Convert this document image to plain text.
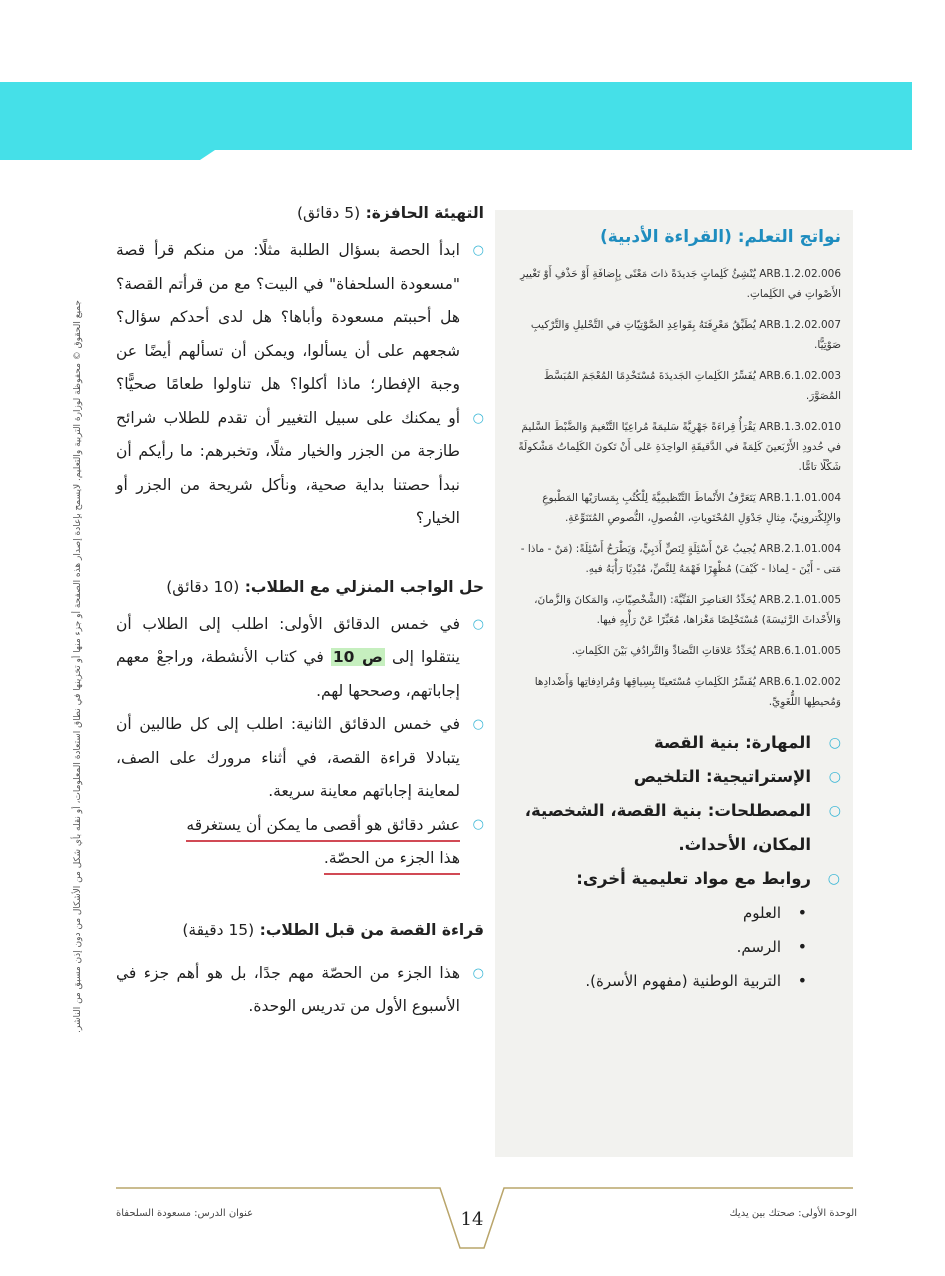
جميع الحقوق © محفوظة لوزارة التربية والتعليم. لايسمح بإعادة إصدار هذه الصفحة أو جزء منها أو تخزينها في نطاق استعادة المعلومات، أو نقله بأي شكل من الأشكال من دون إذن مسبق من الناشر.
نواتج التعلم: (القراءة الأدبية)
ARB.1.2.02.006 يُنْشِئُ كَلِماتٍ جَديدَةً ذاتَ مَعْنًى بِإِضافَةِ أَوْ حَذْفِ أَوْ تَغْييرِ الأَصْواتِ في الكَلِماتِ.
ARB.1.2.02.007 يُطَبِّقُ مَعْرِفَتَهُ بِقَواعِدِ الصَّوْتِيّاتِ في التَّحْليلِ وَالتَّرْكيبِ صَوْتِيًّا.
ARB.6.1.02.003 يُفَسِّرُ الكَلِماتِ الجَديدَةَ مُسْتَخْدِمًا المُعْجَمَ المُبَسَّطَ المُصَوَّرَ.
ARB.1.3.02.010 يَقْرَأُ قِراءَةً جَهْرِيَّةً سَليمَةً مُراعِيًا التَّنْغيمَ وَالضَّبْطَ السَّليمَ في حُدودِ الأَرْبَعينَ كَلِمَةً في الدَّقيقَةِ الواحِدَةِ عَلى أَنْ تَكونَ الكَلِماتُ مَشْكولَةً شَكْلًا تامًّا.
ARB.1.1.01.004 يَتَعَرَّفُ الأَنْماطَ التَّنْظيمِيَّةَ لِلْكُتُبِ بِمَسارَيْها المَطْبوعِ والإِلِكْترونِيِّ، مِثالِ جَدْوَلِ المُحْتَوياتِ، الفُصولِ، النُّصوصِ المُتَنَوِّعَةِ.
ARB.2.1.01.004 يُجيبُ عَنْ أَسْئِلَةٍ لِنَصٍّ أَدَبِيٍّ، وَيَطْرَحُ أَسْئِلَةً: (مَنْ - ماذا - مَتى - أَيْنَ - لِماذا - كَيْفَ) مُظْهِرًا فَهْمَهُ لِلنَّصِّ، مُبْدِيًا رَأْيَهُ فيهِ.
ARB.2.1.01.005 يُحَدِّدُ العَناصِرَ الفَنِّيَّةَ: (الشَّخْصِيّاتِ، وَالمَكانَ وَالزَّمانَ، وَالأَحْداثَ الرَّئيسَةَ) مُسْتَخْلِصًا مَغْزاها، مُعَبِّرًا عَنْ رَأْيِهِ فيها.
ARB.6.1.01.005 يُحَدِّدُ عَلاقاتِ التَّضادِّ وَالتَّرادُفِ بَيْنَ الكَلِماتِ.
ARB.6.1.02.002 يُفَسِّرُ الكَلِماتِ مُسْتَعينًا بِسِياقِها وَمُرادِفاتِها وَأَضْدادِها وَمُحيطِها اللُّغَوِيِّ.
○
المهارة: بنية القصة
○
الإستراتيجية: التلخيص
○
المصطلحات: بنية القصة، الشخصية، المكان، الأحداث.
○
روابط مع مواد تعليمية أخرى:
•
العلوم
•
الرسم.
•
التربية الوطنية (مفهوم الأسرة).
التهيئة الحافزة: (5 دقائق)

○
ابدأ الحصة بسؤال الطلبة مثلًا: من منكم قرأ قصة "مسعودة السلحفاة" في البيت؟ مع من قرأتم القصة؟ هل أحببتم مسعودة وأباها؟ هل لدى أحدكم سؤال؟ شجعهم على أن يسألوا، ويمكن أن تسألهم أيضًا عن وجبة الإفطار؛ ماذا أكلوا؟ هل تناولوا طعامًا صحيًّا؟

○
أو يمكنك على سبيل التغيير أن تقدم للطلاب شرائح طازجة من الجزر والخيار مثلًا، وتخبرهم: ما رأيكم أن نبدأ حصتنا بداية صحية، ونأكل شريحة من الجزر أو الخيار؟

حل الواجب المنزلي مع الطلاب: (10 دقائق)

○
في خمس الدقائق الأولى: اطلب إلى الطلاب أن ينتقلوا إلى ص 10 في كتاب الأنشطة، وراجعْ معهم إجاباتهم، وصححها لهم.

○
في خمس الدقائق الثانية: اطلب إلى كل طالبين أن يتبادلا قراءة القصة، في أثناء مرورك على الصف، لمعاينة إجاباتهم معاينة سريعة.

○
عشر دقائق هو أقصى ما يمكن أن يستغرقه
هذا الجزء من الحصّة.

قراءة القصة من قبل الطلاب: (15 دقيقة)

○
هذا الجزء من الحصّة مهم جدًا، بل هو أهم جزء في الأسبوع الأول من تدريس الوحدة.

عنوان الدرس: مسعودة السلحفاة	14	الوحدة الأولى: صحتك بين يديك
